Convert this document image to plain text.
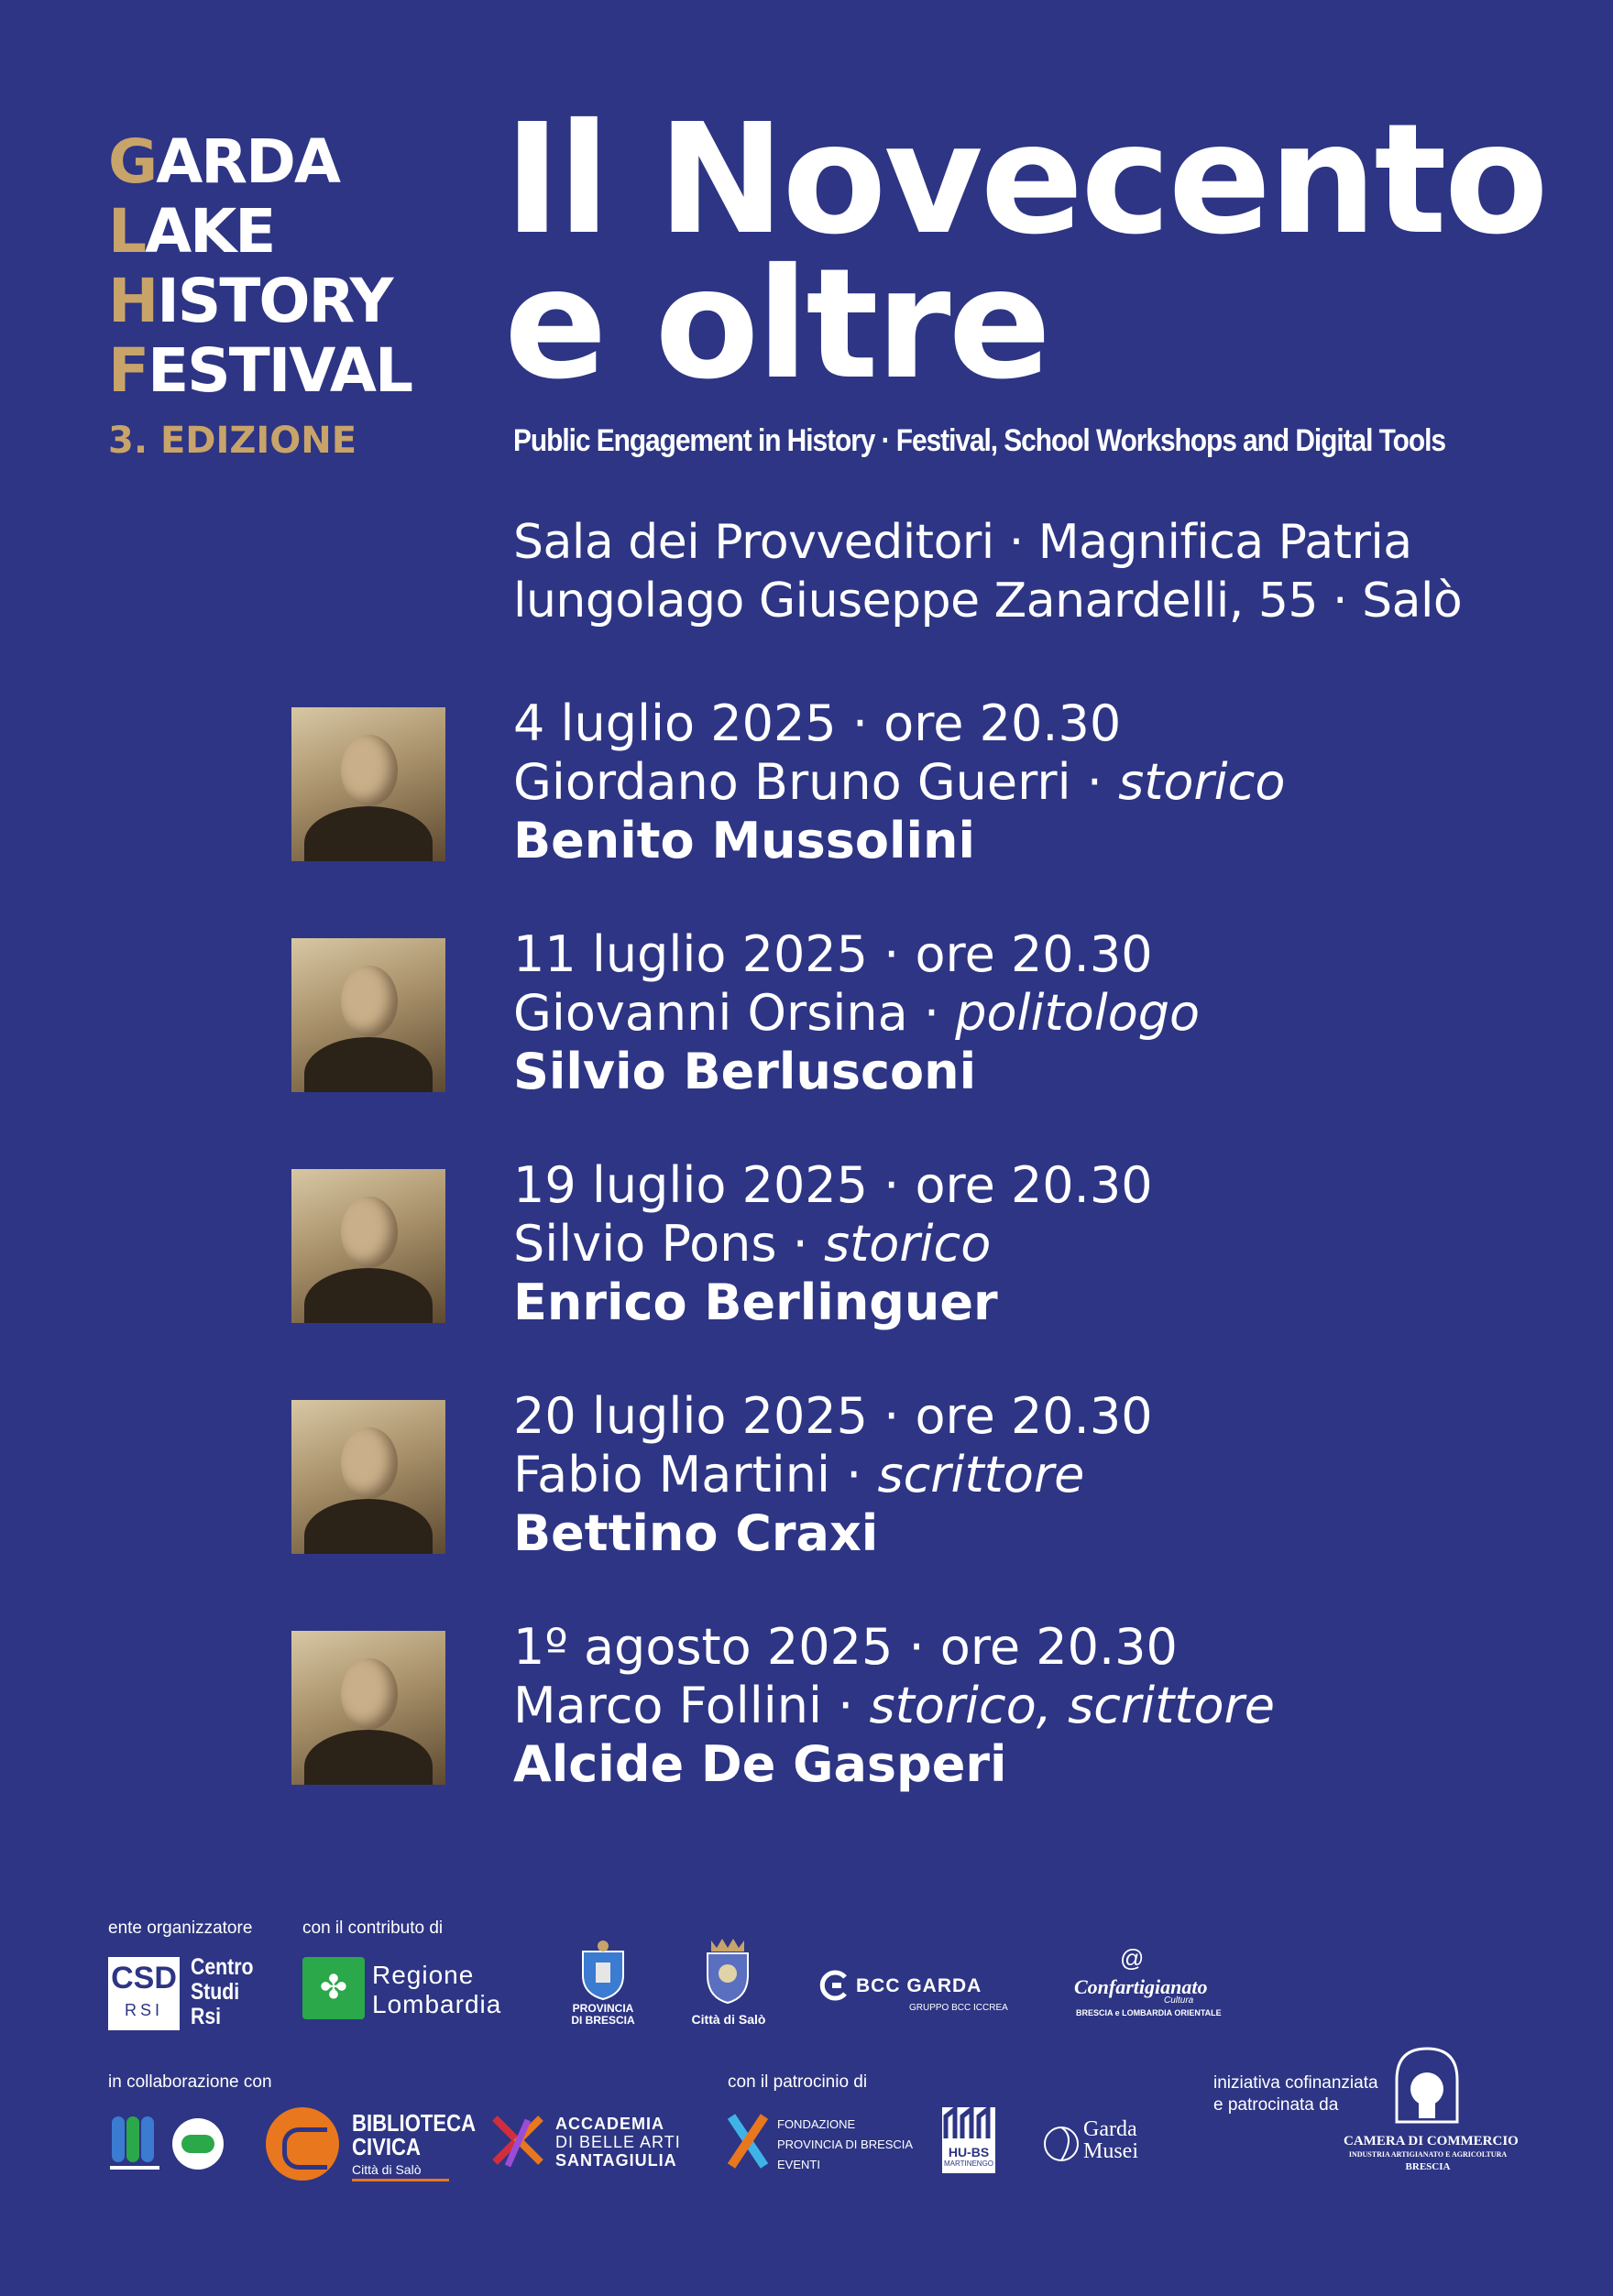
GARDA
LAKE
HISTORY
FESTIVAL
3. EDIZIONE
Il Novecento
e oltre
Public Engagement in History · Festival, School Workshops and Digital Tools
Sala dei Provveditori · Magnifica Patria
lungolago Giuseppe Zanardelli, 55 · Salò
4 luglio 2025 · ore 20.30
Giordano Bruno Guerri · storico
Benito Mussolini
11 luglio 2025 · ore 20.30
Giovanni Orsina · politologo
Silvio Berlusconi
19 luglio 2025 · ore 20.30
Silvio Pons · storico
Enrico Berlinguer
20 luglio 2025 · ore 20.30
Fabio Martini · scrittore
Bettino Craxi
1º agosto 2025 · ore 20.30
Marco Follini · storico, scrittore
Alcide De Gasperi
ente organizzatore	con il contributo di
CSD
RSI
Centro
Studi
Rsi
✤ Regione
Lombardia	PROVINCIA
DI BRESCIA	Città di Salò
BCC GARDA
GRUPPO BCC ICCREA
@
Confartigianato
Cultura
BRESCIA e LOMBARDIA ORIENTALE
in collaborazione con	con il patrocinio di	iniziativa cofinanziata
e patrocinata da
BIBLIOTECA
CIVICA
Città di Salò
ACCADEMIA
DI BELLE ARTI
SANTAGIULIA
FONDAZIONE
PROVINCIA DI BRESCIA
EVENTI
HU-BS
MARTINENGO
Garda
Musei	CAMERA DI COMMERCIO
INDUSTRIA ARTIGIANATO E AGRICOLTURA
BRESCIA
